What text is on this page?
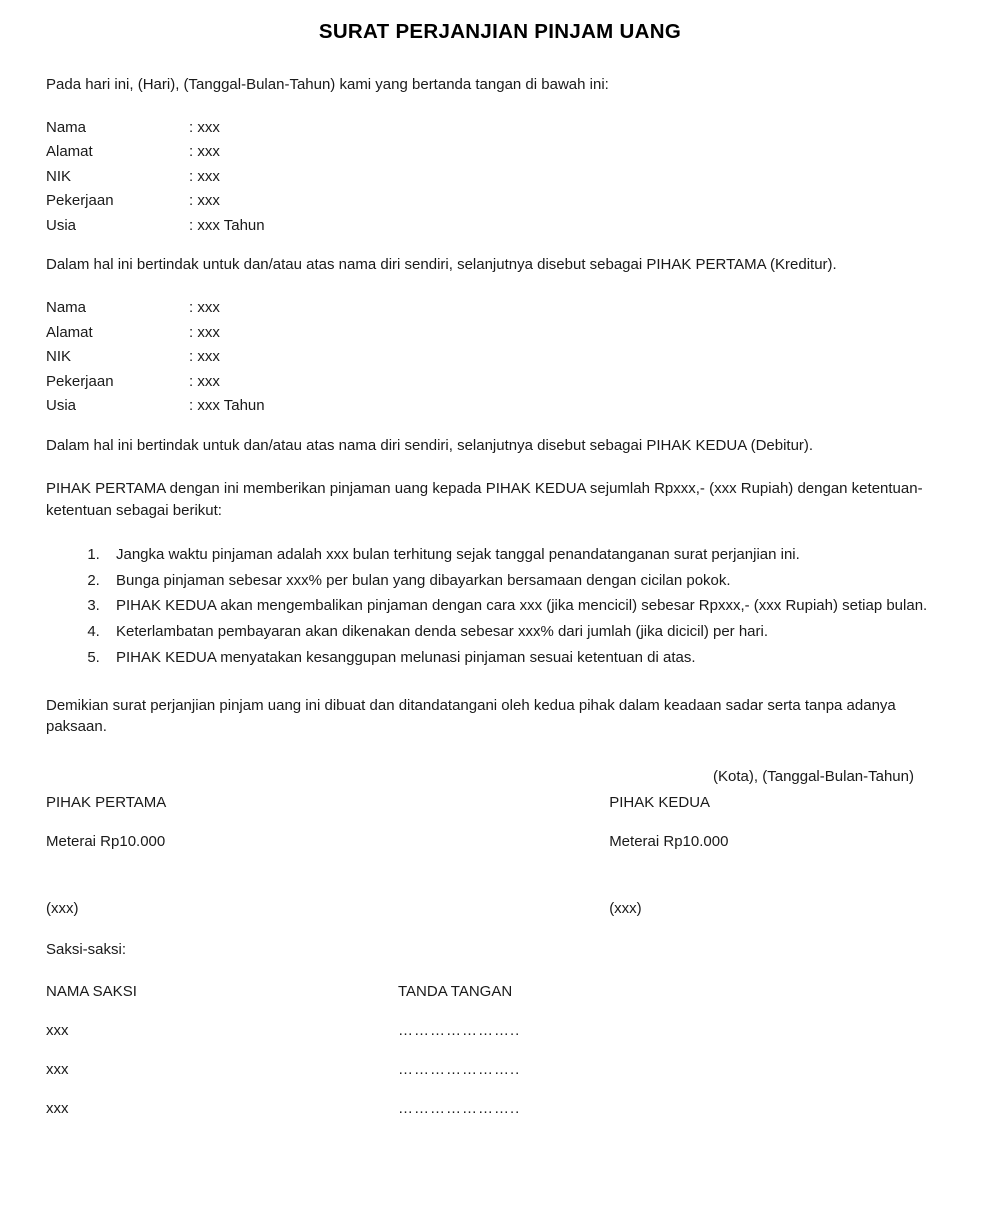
SURAT PERJANJIAN PINJAM UANG

Pada hari ini, (Hari), (Tanggal-Bulan-Tahun) kami yang bertanda tangan di bawah ini:

Nama	: xxx
Alamat	: xxx
NIK	: xxx
Pekerjaan	: xxx
Usia	: xxx Tahun

Dalam hal ini bertindak untuk dan/atau atas nama diri sendiri, selanjutnya disebut sebagai PIHAK PERTAMA (Kreditur).

Nama	: xxx
Alamat	: xxx
NIK	: xxx
Pekerjaan	: xxx
Usia	: xxx Tahun

Dalam hal ini bertindak untuk dan/atau atas nama diri sendiri, selanjutnya disebut sebagai PIHAK KEDUA (Debitur).

PIHAK PERTAMA dengan ini memberikan pinjaman uang kepada PIHAK KEDUA sejumlah Rpxxx,- (xxx Rupiah) dengan ketentuan-ketentuan sebagai berikut:

1. Jangka waktu pinjaman adalah xxx bulan terhitung sejak tanggal penandatanganan surat perjanjian ini.
2. Bunga pinjaman sebesar xxx% per bulan yang dibayarkan bersamaan dengan cicilan pokok.
3. PIHAK KEDUA akan mengembalikan pinjaman dengan cara xxx (jika mencicil) sebesar Rpxxx,- (xxx Rupiah) setiap bulan.
4. Keterlambatan pembayaran akan dikenakan denda sebesar xxx% dari jumlah (jika dicicil) per hari.
5. PIHAK KEDUA menyatakan kesanggupan melunasi pinjaman sesuai ketentuan di atas.

Demikian surat perjanjian pinjam uang ini dibuat dan ditandatangani oleh kedua pihak dalam keadaan sadar serta tanpa adanya paksaan.

(Kota), (Tanggal-Bulan-Tahun)
PIHAK PERTAMA	PIHAK KEDUA
Meterai Rp10.000	Meterai Rp10.000
(xxx)	(xxx)

Saksi-saksi:

NAMA SAKSI	TANDA TANGAN
xxx	…………………..
xxx	…………………..
xxx	…………………..
